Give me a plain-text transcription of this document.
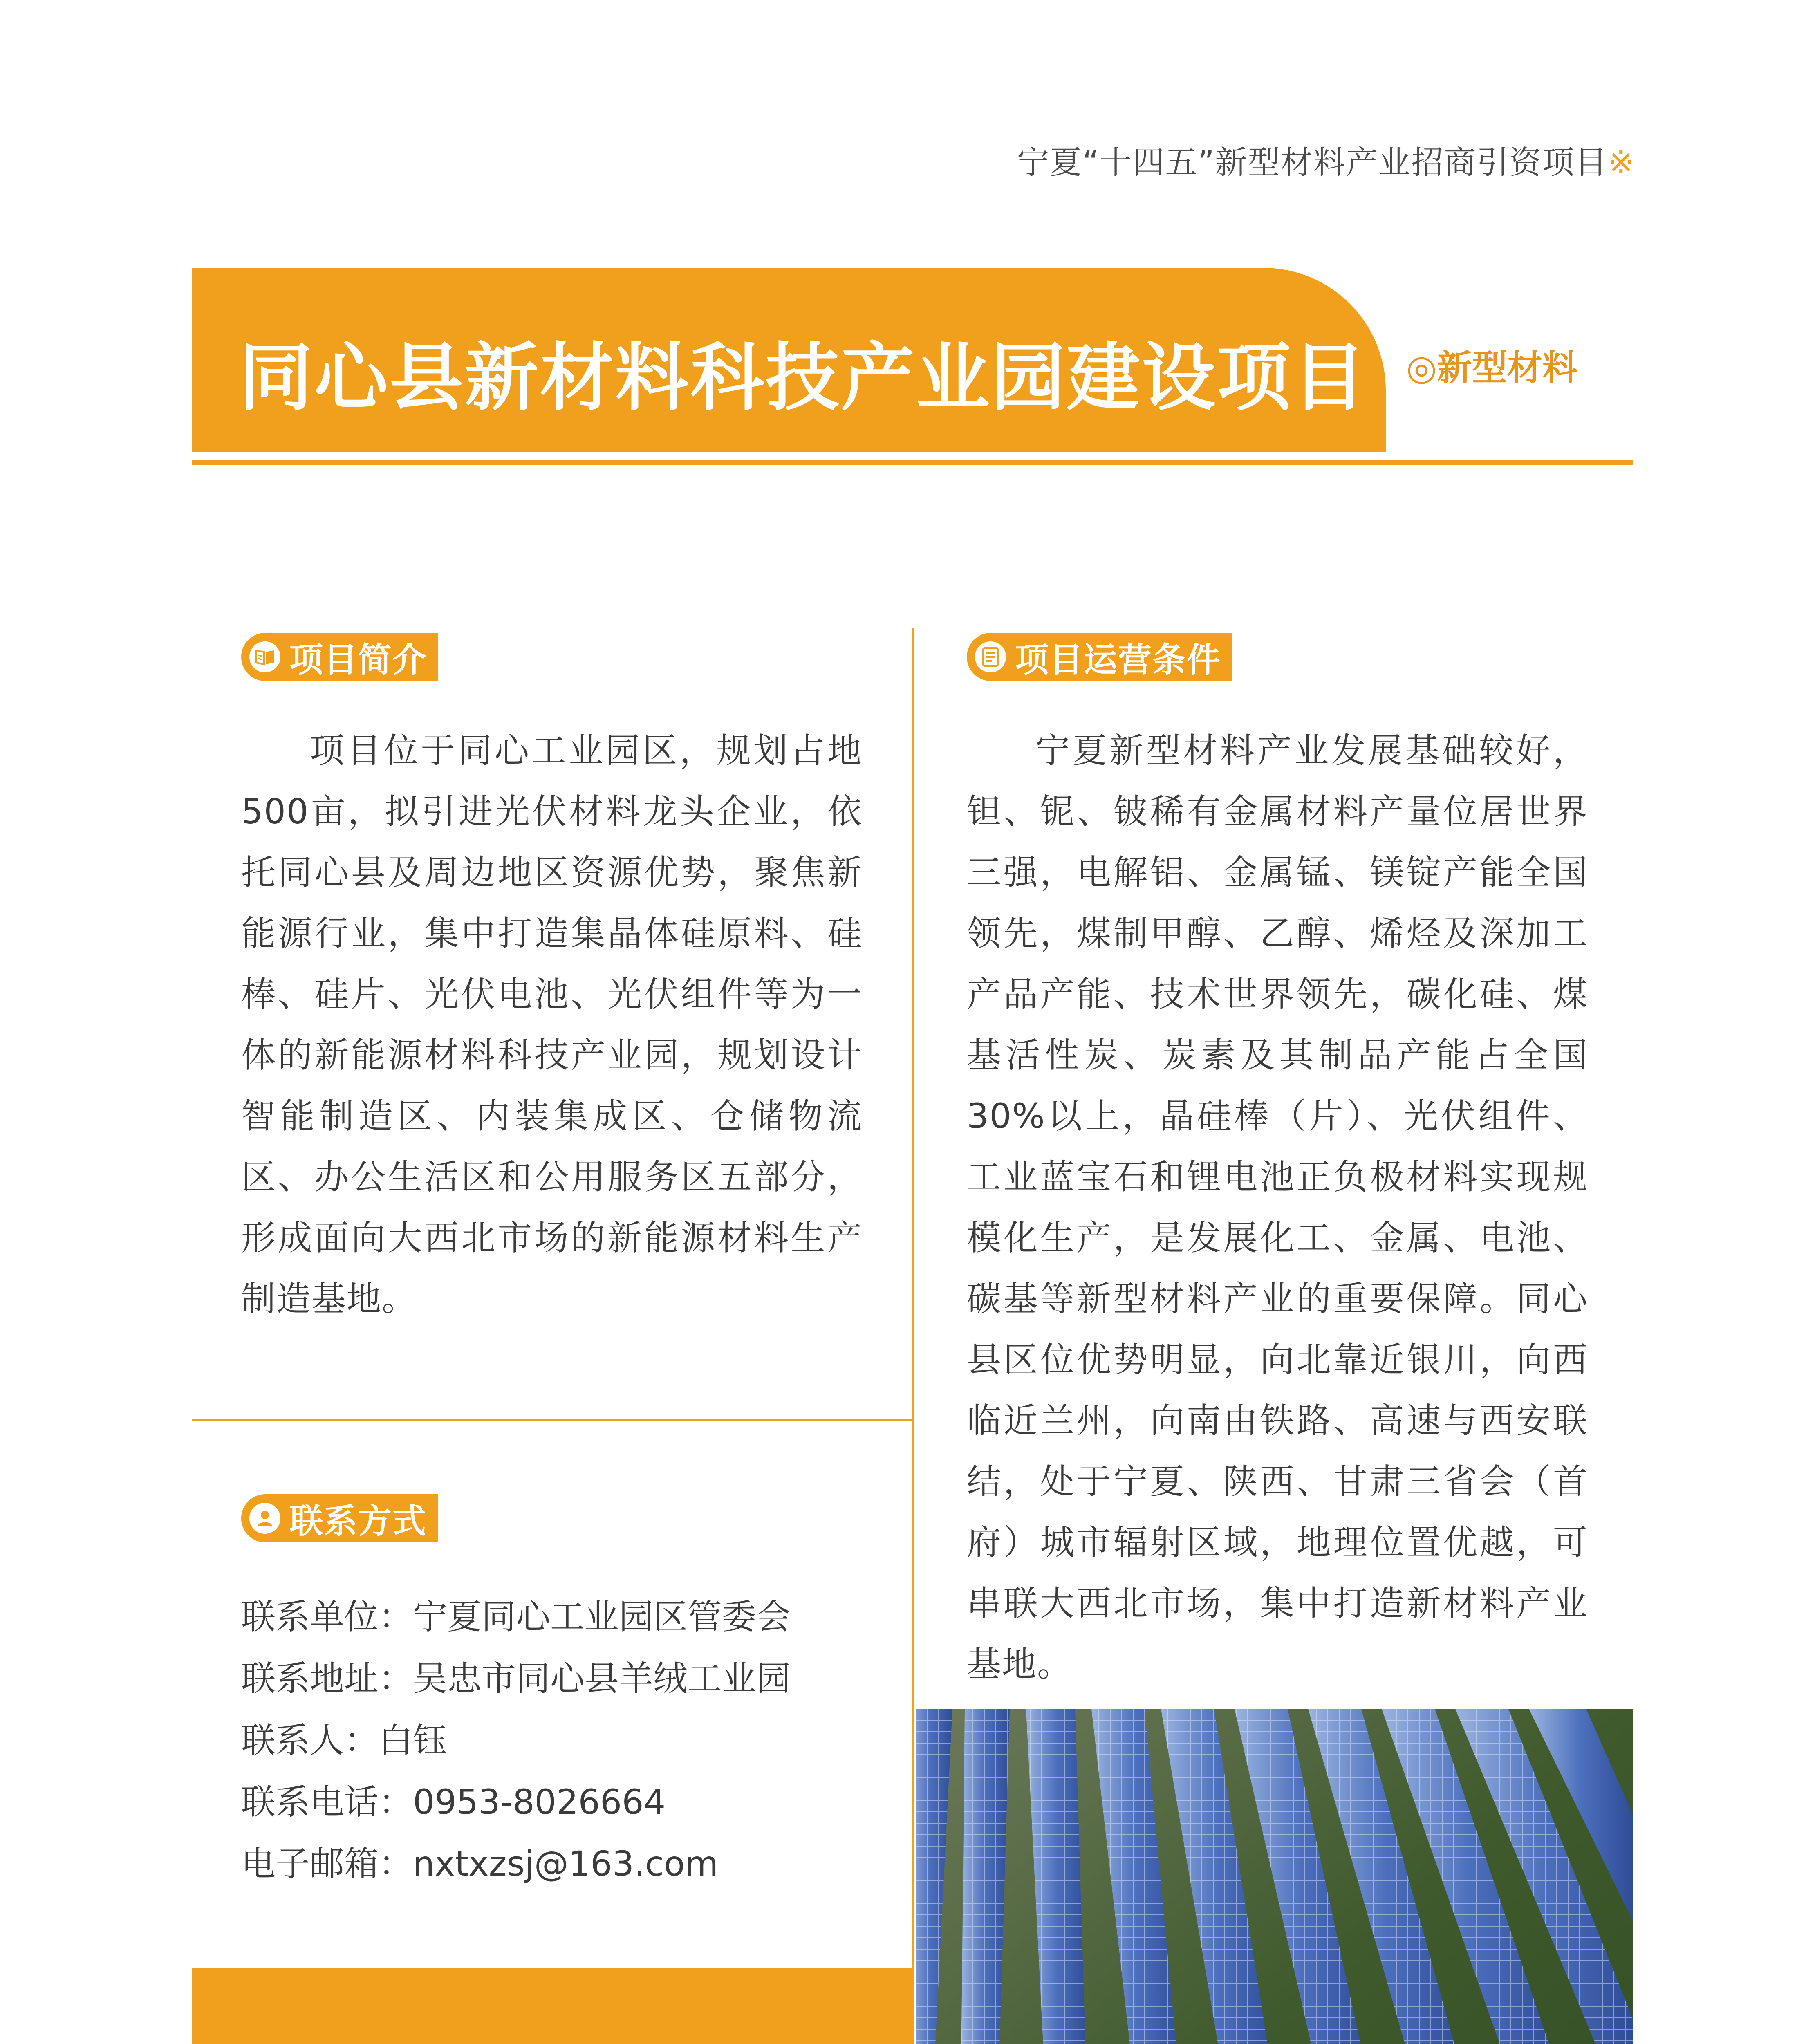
宁夏“十四五”新型材料产业招商引资项目※
同心县新材料科技产业园建设项目 ◎新型材料
项目简介

项目位于同心工业园区，规划占地500亩，拟引进光伏材料龙头企业，依托同心县及周边地区资源优势，聚焦新能源行业，集中打造集晶体硅原料、硅棒、硅片、光伏电池、光伏组件等为一体的新能源材料科技产业园，规划设计智能制造区、内装集成区、仓储物流区、办公生活区和公用服务区五部分，形成面向大西北市场的新能源材料生产制造基地。

项目运营条件

宁夏新型材料产业发展基础较好，钽、铌、铍稀有金属材料产量位居世界三强，电解铝、金属锰、镁锭产能全国领先，煤制甲醇、乙醇、烯烃及深加工产品产能、技术世界领先，碳化硅、煤基活性炭、炭素及其制品产能占全国30%以上，晶硅棒（片）、光伏组件、工业蓝宝石和锂电池正负极材料实现规模化生产，是发展化工、金属、电池、碳基等新型材料产业的重要保障。同心县区位优势明显，向北靠近银川，向西临近兰州，向南由铁路、高速与西安联结，处于宁夏、陕西、甘肃三省会（首府）城市辐射区域，地理位置优越，可串联大西北市场，集中打造新材料产业基地。

联系方式
联系单位：宁夏同心工业园区管委会
联系地址：吴忠市同心县羊绒工业园
联系人：白钰
联系电话：0953-8026664
电子邮箱：nxtxzsj@163.com
